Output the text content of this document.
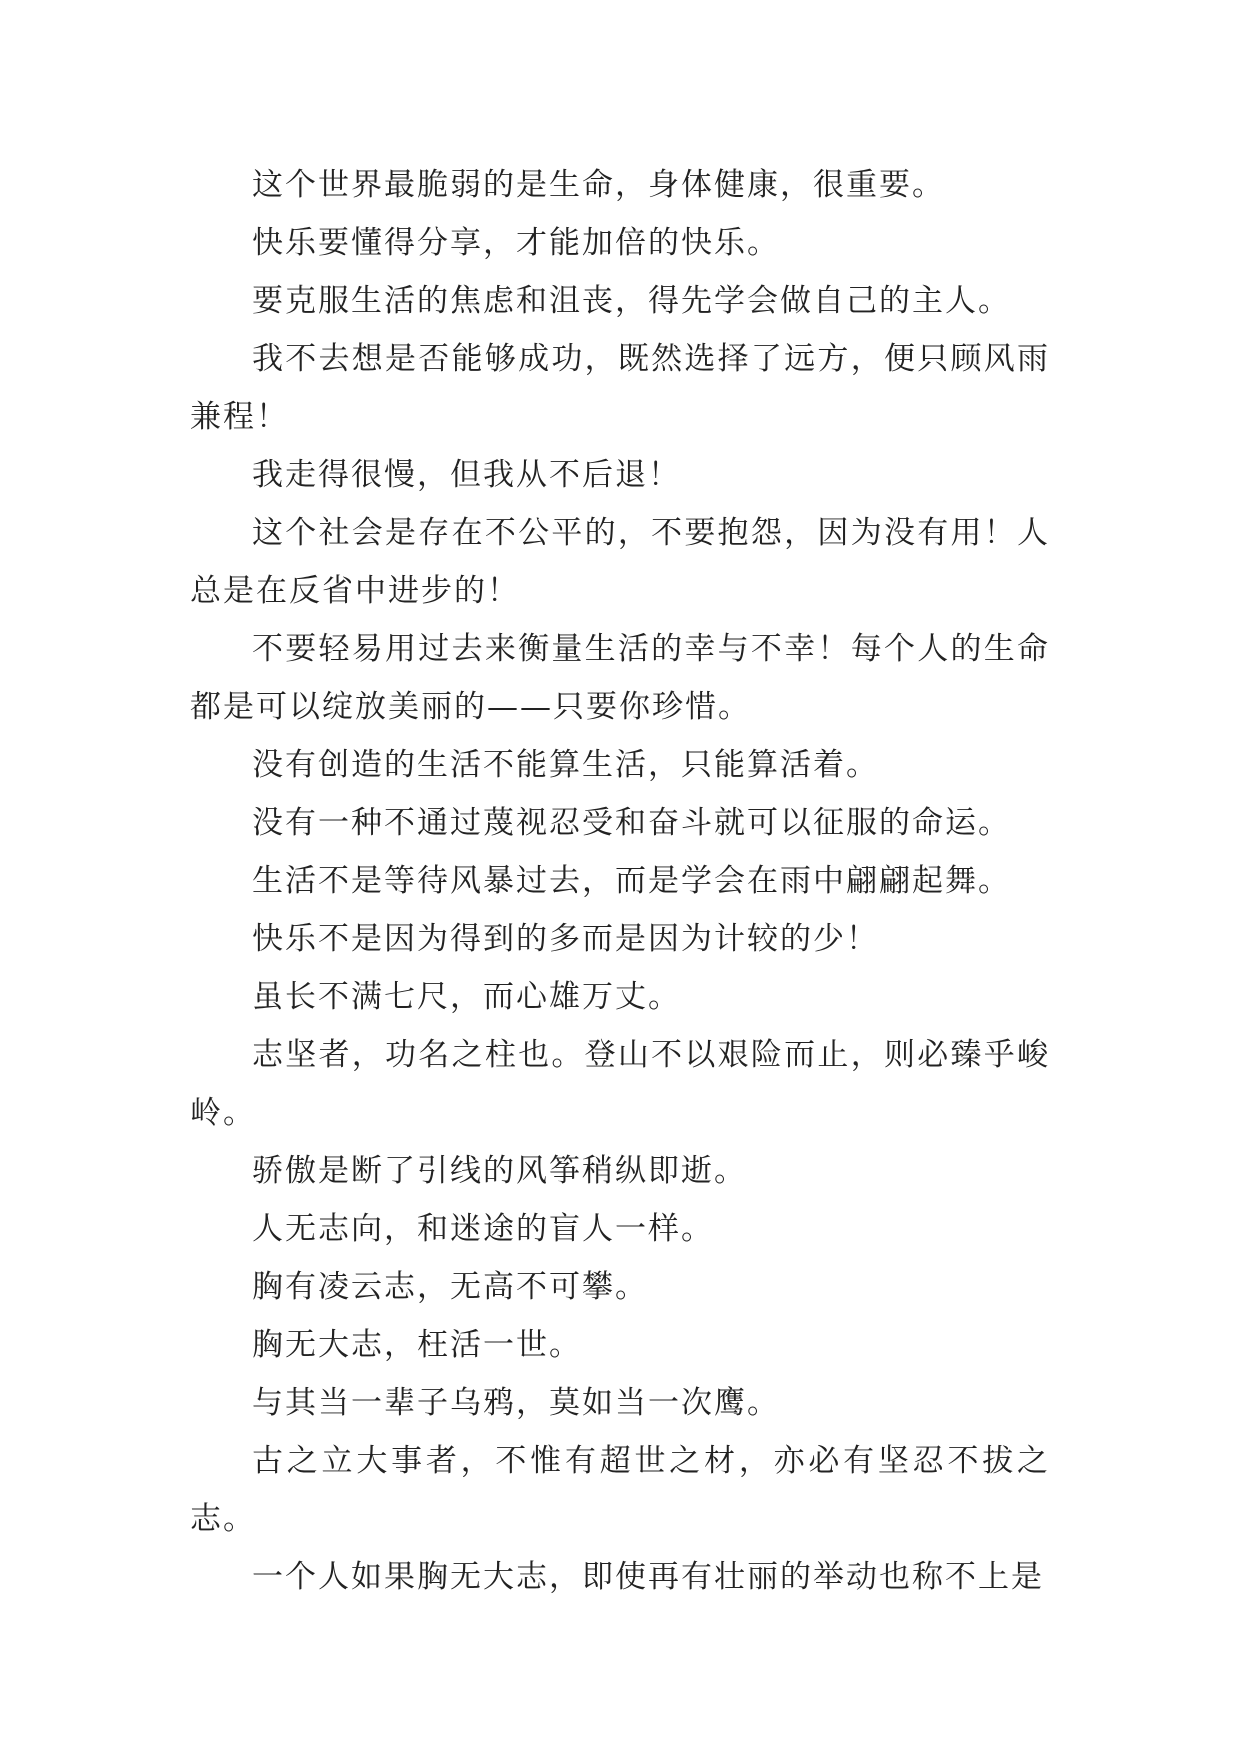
这个世界最脆弱的是生命，身体健康，很重要。

快乐要懂得分享，才能加倍的快乐。

要克服生活的焦虑和沮丧，得先学会做自己的主人。

我不去想是否能够成功，既然选择了远方，便只顾风雨兼程！

我走得很慢，但我从不后退！

这个社会是存在不公平的，不要抱怨，因为没有用！人总是在反省中进步的！

不要轻易用过去来衡量生活的幸与不幸！每个人的生命都是可以绽放美丽的——只要你珍惜。

没有创造的生活不能算生活，只能算活着。

没有一种不通过蔑视忍受和奋斗就可以征服的命运。

生活不是等待风暴过去，而是学会在雨中翩翩起舞。

快乐不是因为得到的多而是因为计较的少！

虽长不满七尺，而心雄万丈。

志坚者，功名之柱也。登山不以艰险而止，则必臻乎峻岭。

骄傲是断了引线的风筝稍纵即逝。

人无志向，和迷途的盲人一样。

胸有凌云志，无高不可攀。

胸无大志，枉活一世。

与其当一辈子乌鸦，莫如当一次鹰。

古之立大事者，不惟有超世之材，亦必有坚忍不拔之志。

一个人如果胸无大志，即使再有壮丽的举动也称不上是
